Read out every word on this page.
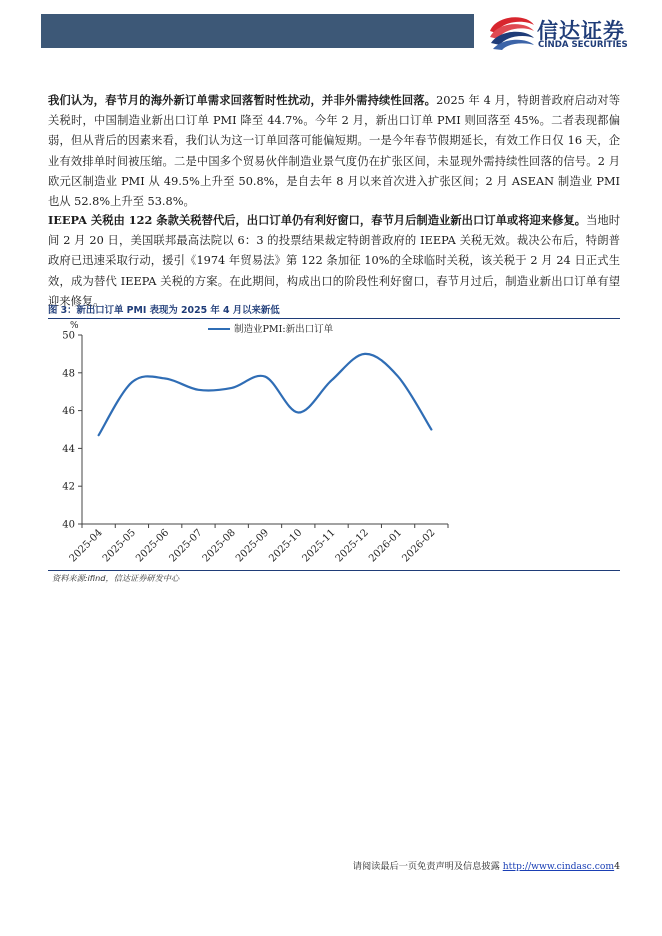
信达证券
CINDA SECURITIES

我们认为，春节月的海外新订单需求回落暂时性扰动，并非外需持续性回落。2025 年 4 月，特朗普政府启动对等关税时，中国制造业新出口订单 PMI 降至 44.7%。今年 2 月，新出口订单 PMI 则回落至 45%。二者表现都偏弱，但从背后的因素来看，我们认为这一订单回落可能偏短期。一是今年春节假期延长，有效工作日仅 16 天，企业有效排单时间被压缩。二是中国多个贸易伙伴制造业景气度仍在扩张区间，未显现外需持续性回落的信号。2 月欧元区制造业 PMI 从 49.5%上升至 50.8%，是自去年 8 月以来首次进入扩张区间；2 月 ASEAN 制造业 PMI 也从 52.8%上升至 53.8%。

IEEPA 关税由 122 条款关税替代后，出口订单仍有利好窗口，春节月后制造业新出口订单或将迎来修复。当地时间 2 月 20 日，美国联邦最高法院以 6：3 的投票结果裁定特朗普政府的 IEEPA 关税无效。裁决公布后，特朗普政府已迅速采取行动，援引《1974 年贸易法》第 122 条加征 10%的全球临时关税，该关税于 2 月 24 日正式生效，成为替代 IEEPA 关税的方案。在此期间，构成出口的阶段性利好窗口，春节月过后，制造业新出口订单有望迎来修复。

图 3：新出口订单 PMI 表现为 2025 年 4 月以来新低
%	制造业PMI:新出口订单
40
42
44
46
48
50
2025-04
2025-05
2025-06
2025-07
2025-08
2025-09
2025-10
2025-11
2025-12
2026-01
2026-02
资料来源:ifind，信达证券研发中心
请阅读最后一页免责声明及信息披露 http://www.cindasc.com4
